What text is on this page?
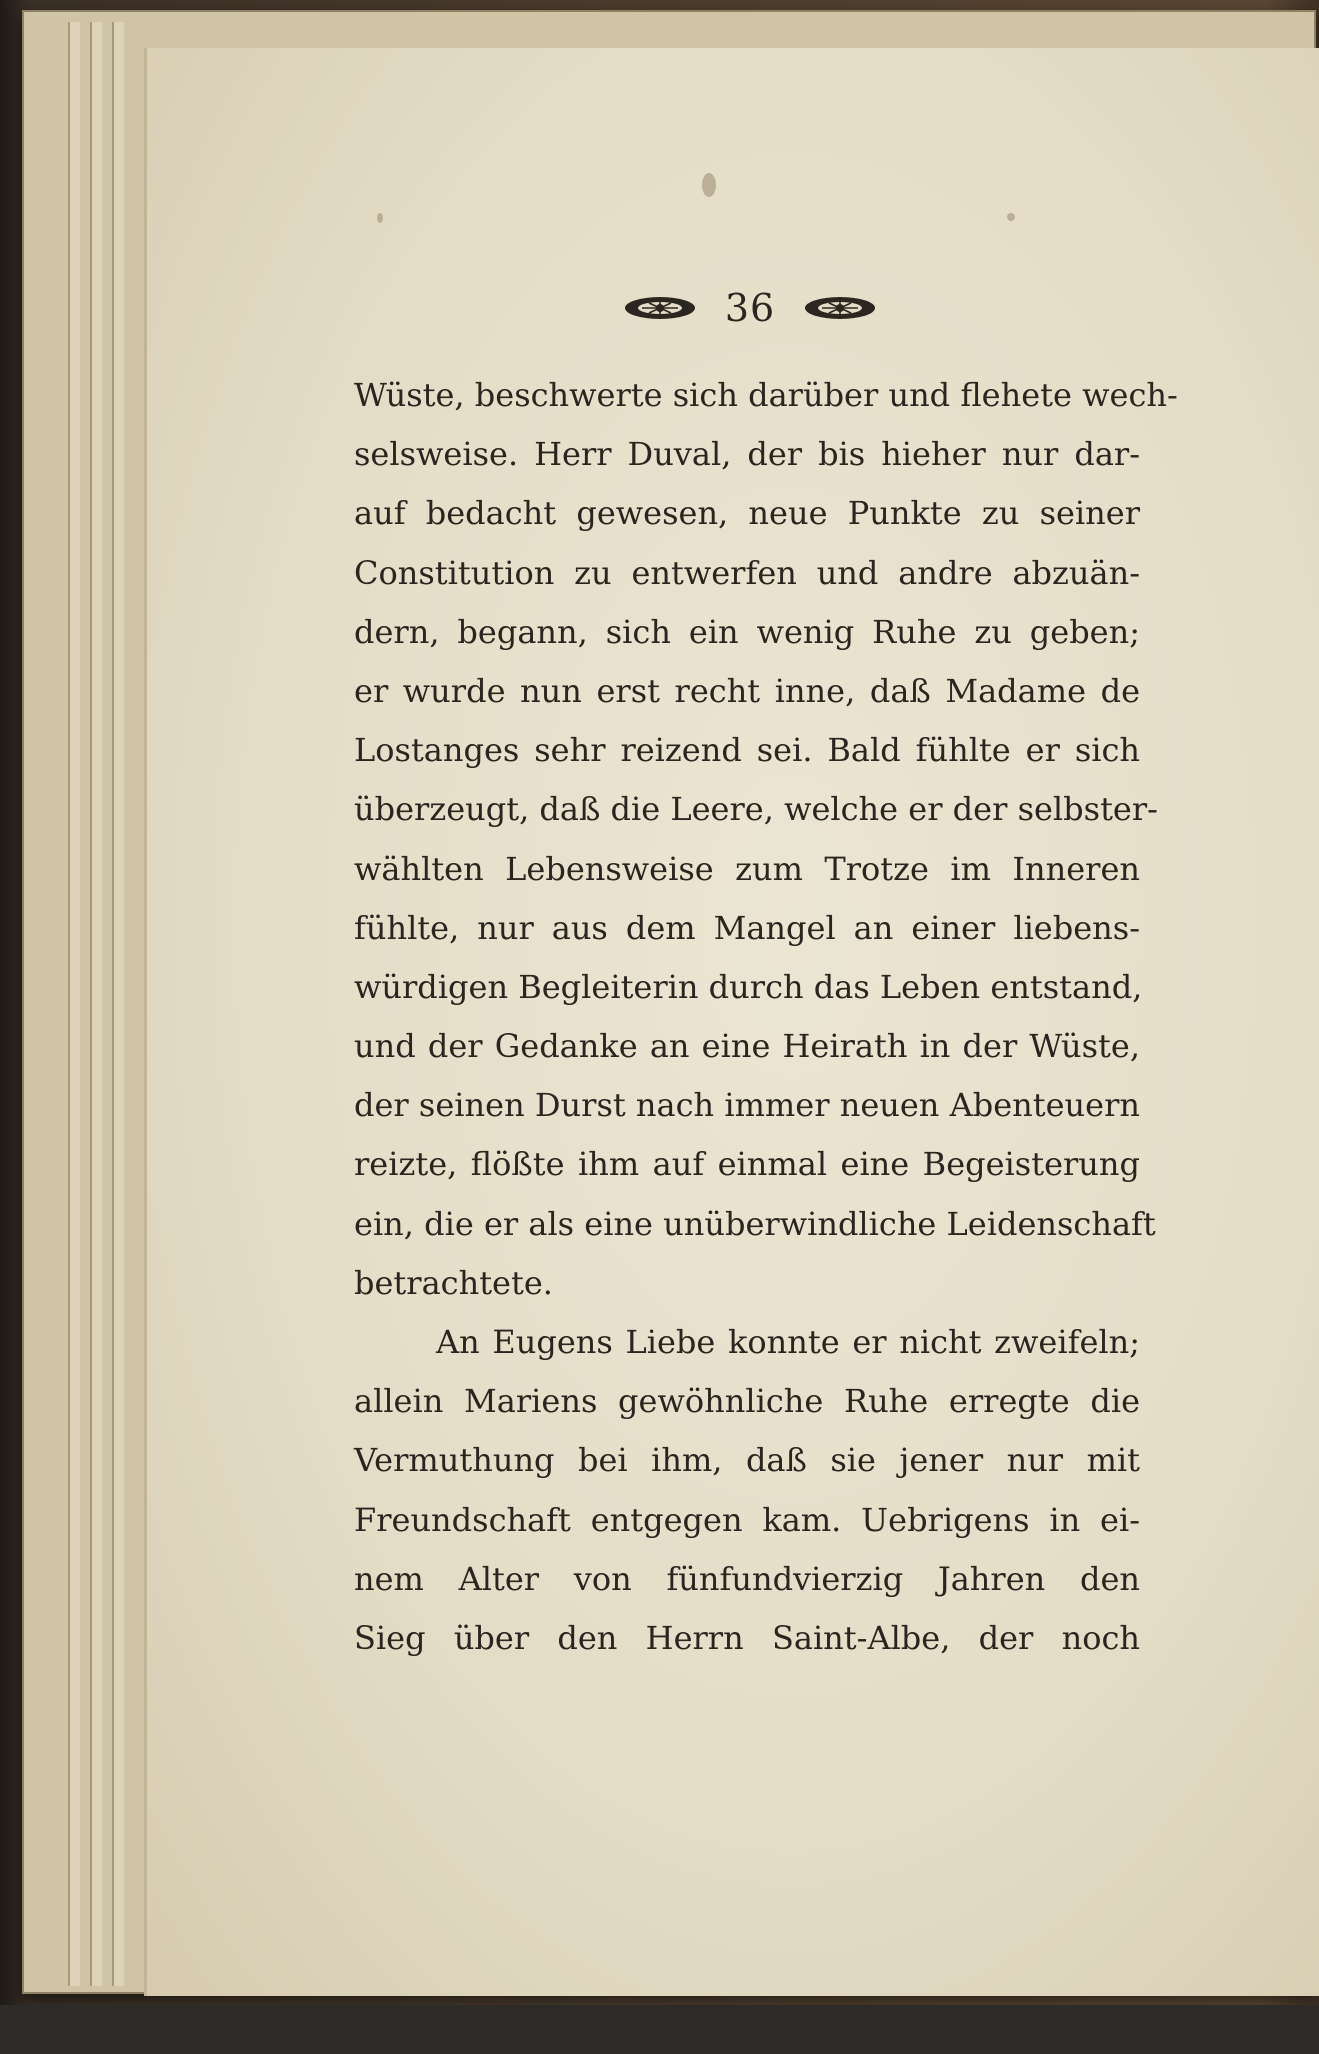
36
Wüste, beschwerte sich darüber und flehete wech-
selsweise. Herr Duval, der bis hieher nur dar-
auf bedacht gewesen, neue Punkte zu seiner
Constitution zu entwerfen und andre abzuän-
dern, begann, sich ein wenig Ruhe zu geben;
er wurde nun erst recht inne, daß Madame de
Lostanges sehr reizend sei. Bald fühlte er sich
überzeugt, daß die Leere, welche er der selbster-
wählten Lebensweise zum Trotze im Inneren
fühlte, nur aus dem Mangel an einer liebens-
würdigen Begleiterin durch das Leben entstand,
und der Gedanke an eine Heirath in der Wüste,
der seinen Durst nach immer neuen Abenteuern
reizte, flößte ihm auf einmal eine Begeisterung
ein, die er als eine unüberwindliche Leidenschaft
betrachtete.
An Eugens Liebe konnte er nicht zweifeln;
allein Mariens gewöhnliche Ruhe erregte die
Vermuthung bei ihm, daß sie jener nur mit
Freundschaft entgegen kam. Uebrigens in ei-
nem Alter von fünfundvierzig Jahren den
Sieg über den Herrn Saint-Albe, der noch
